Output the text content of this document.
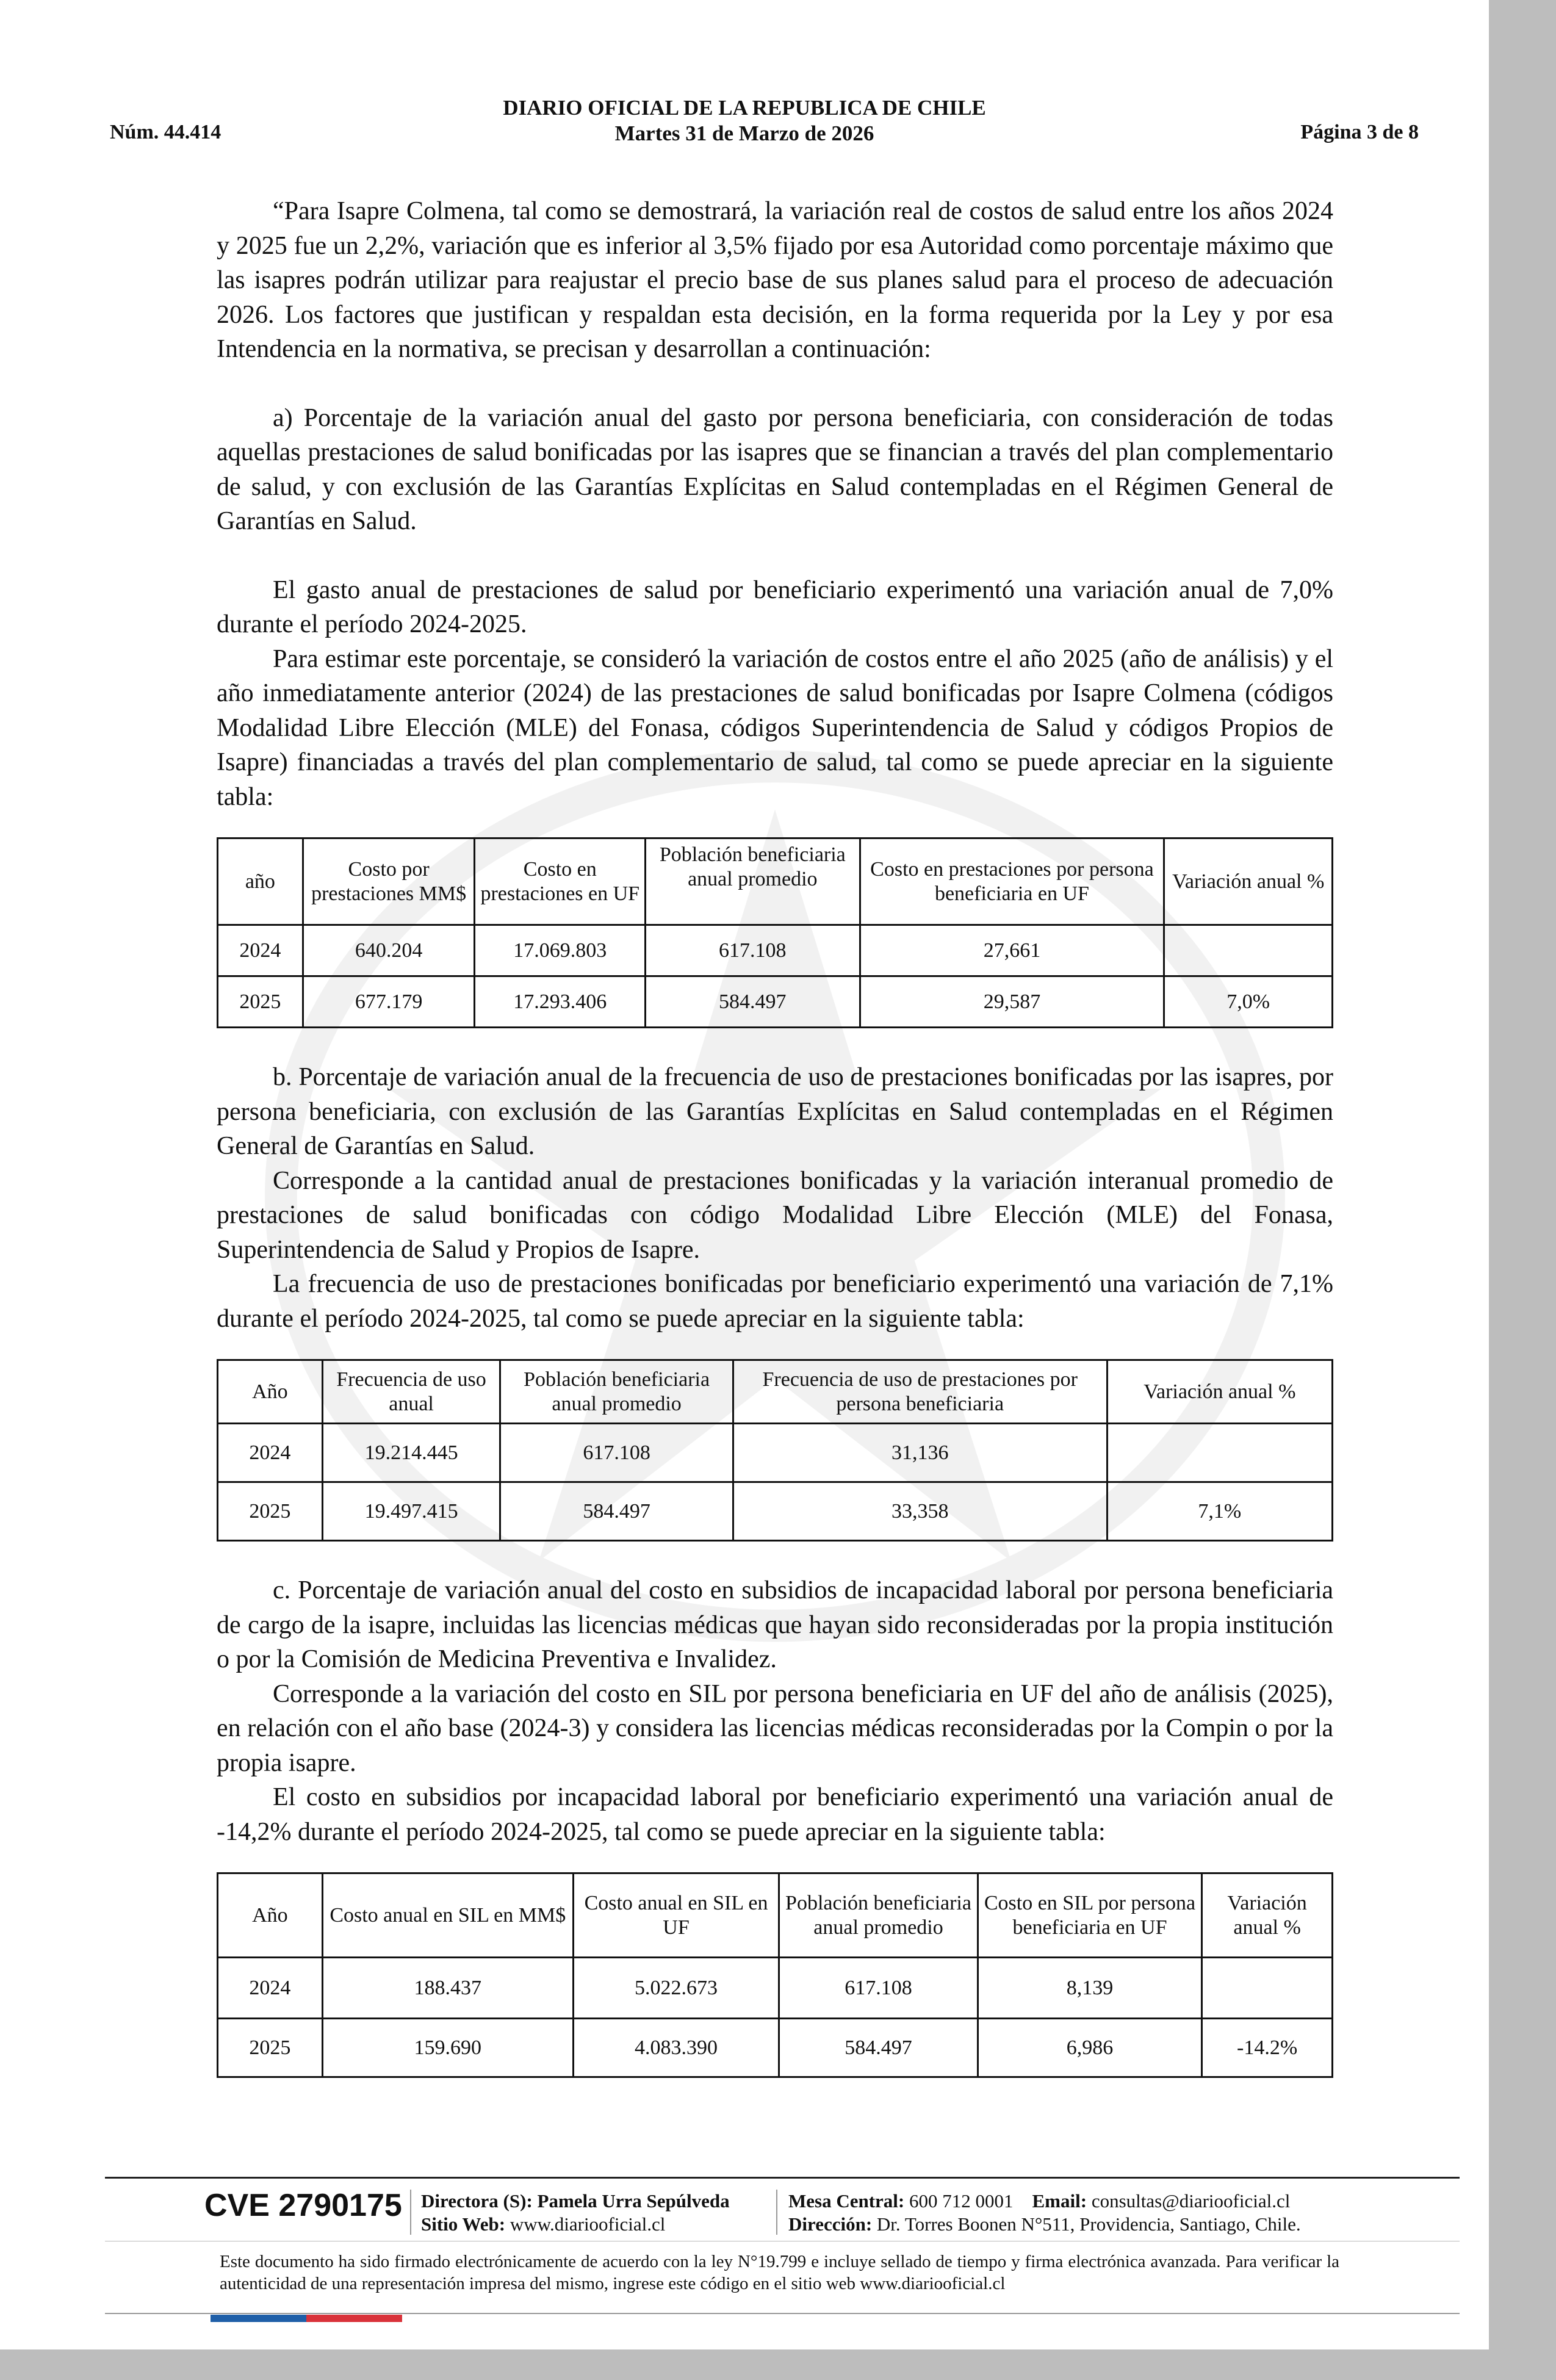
Núm. 44.414
DIARIO OFICIAL DE LA REPUBLICA DE CHILE
Martes 31 de Marzo de 2026	Página 3 de 8

“Para Isapre Colmena, tal como se demostrará, la variación real de costos de salud entre los años 2024 y 2025 fue un 2,2%, variación que es inferior al 3,5% fijado por esa Autoridad como porcentaje máximo que las isapres podrán utilizar para reajustar el precio base de sus planes salud para el proceso de adecuación 2026. Los factores que justifican y respaldan esta decisión, en la forma requerida por la Ley y por esa Intendencia en la normativa, se precisan y desarrollan a continuación:

a) Porcentaje de la variación anual del gasto por persona beneficiaria, con consideración de todas aquellas prestaciones de salud bonificadas por las isapres que se financian a través del plan complementario de salud, y con exclusión de las Garantías Explícitas en Salud contempladas en el Régimen General de Garantías en Salud.

El gasto anual de prestaciones de salud por beneficiario experimentó una variación anual de 7,0% durante el período 2024-2025.

Para estimar este porcentaje, se consideró la variación de costos entre el año 2025 (año de análisis) y el año inmediatamente anterior (2024) de las prestaciones de salud bonificadas por Isapre Colmena (códigos Modalidad Libre Elección (MLE) del Fonasa, códigos Superintendencia de Salud y códigos Propios de Isapre) financiadas a través del plan complementario de salud, tal como se puede apreciar en la siguiente tabla:

año	Costo por prestaciones MM$	Costo en prestaciones en UF	Población beneficiaria anual promedio	Costo en prestaciones por persona beneficiaria en UF	Variación anual %
2024	640.204	17.069.803	617.108	27,661	
2025	677.179	17.293.406	584.497	29,587	7,0%

b. Porcentaje de variación anual de la frecuencia de uso de prestaciones bonificadas por las isapres, por persona beneficiaria, con exclusión de las Garantías Explícitas en Salud contempladas en el Régimen General de Garantías en Salud.

Corresponde a la cantidad anual de prestaciones bonificadas y la variación interanual promedio de prestaciones de salud bonificadas con código Modalidad Libre Elección (MLE) del Fonasa, Superintendencia de Salud y Propios de Isapre.

La frecuencia de uso de prestaciones bonificadas por beneficiario experimentó una variación de 7,1% durante el período 2024-2025, tal como se puede apreciar en la siguiente tabla:

Año	Frecuencia de uso anual	Población beneficiaria anual promedio	Frecuencia de uso de prestaciones por persona beneficiaria	Variación anual %
2024	19.214.445	617.108	31,136	
2025	19.497.415	584.497	33,358	7,1%

c. Porcentaje de variación anual del costo en subsidios de incapacidad laboral por persona beneficiaria de cargo de la isapre, incluidas las licencias médicas que hayan sido reconsideradas por la propia institución o por la Comisión de Medicina Preventiva e Invalidez.

Corresponde a la variación del costo en SIL por persona beneficiaria en UF del año de análisis (2025), en relación con el año base (2024-3) y considera las licencias médicas reconsideradas por la Compin o por la propia isapre.

El costo en subsidios por incapacidad laboral por beneficiario experimentó una variación anual de -14,2% durante el período 2024-2025, tal como se puede apreciar en la siguiente tabla:

Año	Costo anual en SIL en MM$	Costo anual en SIL en UF	Población beneficiaria anual promedio	Costo en SIL por persona beneficiaria en UF	Variación anual %
2024	188.437	5.022.673	617.108	8,139	
2025	159.690	4.083.390	584.497	6,986	-14.2%
CVE 2790175 Directora (S): Pamela Urra Sepúlveda
Sitio Web: www.diariooficial.cl
Mesa Central: 600 712 0001 Email: consultas@diariooficial.cl
Dirección: Dr. Torres Boonen N°511, Providencia, Santiago, Chile.
Este documento ha sido firmado electrónicamente de acuerdo con la ley N°19.799 e incluye sellado de tiempo y firma electrónica avanzada. Para verificar la autenticidad de una representación impresa del mismo, ingrese este código en el sitio web www.diariooficial.cl
